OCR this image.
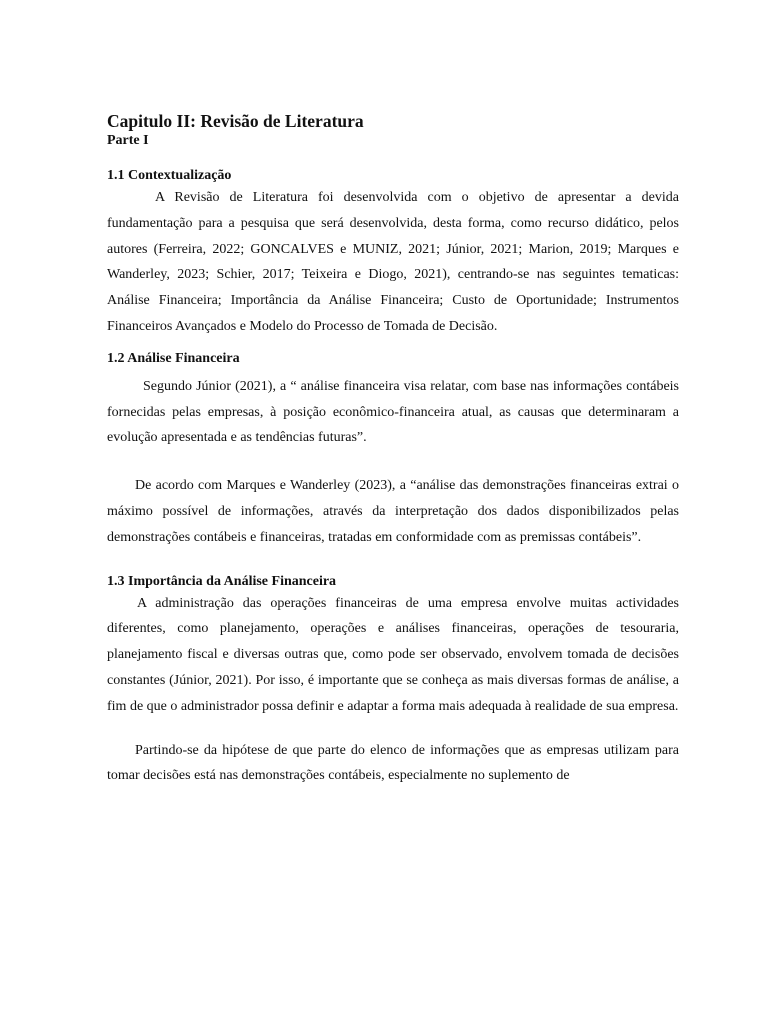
Capitulo II: Revisão de Literatura
Parte I
1.1 Contextualização

A Revisão de Literatura foi desenvolvida com o objetivo de apresentar a devida fundamentação para a pesquisa que será desenvolvida, desta forma, como recurso didático, pelos autores (Ferreira, 2022; GONCALVES e MUNIZ, 2021; Júnior, 2021; Marion, 2019; Marques e Wanderley, 2023; Schier, 2017; Teixeira e Diogo, 2021), centrando-se nas seguintes tematicas: Análise Financeira; Importância da Análise Financeira; Custo de Oportunidade; Instrumentos Financeiros Avançados e Modelo do Processo de Tomada de Decisão.

1.2 Análise Financeira

Segundo Júnior (2021), a “ análise financeira visa relatar, com base nas informações contábeis fornecidas pelas empresas, à posição econômico-financeira atual, as causas que determinaram a evolução apresentada e as tendências futuras”.

De acordo com Marques e Wanderley (2023), a “análise das demonstrações financeiras extrai o máximo possível de informações, através da interpretação dos dados disponibilizados pelas demonstrações contábeis e financeiras, tratadas em conformidade com as premissas contábeis”.

1.3 Importância da Análise Financeira

A administração das operações financeiras de uma empresa envolve muitas actividades diferentes, como planejamento, operações e análises financeiras, operações de tesouraria, planejamento fiscal e diversas outras que, como pode ser observado, envolvem tomada de decisões constantes (Júnior, 2021). Por isso, é importante que se conheça as mais diversas formas de análise, a fim de que o administrador possa definir e adaptar a forma mais adequada à realidade de sua empresa.

Partindo-se da hipótese de que parte do elenco de informações que as empresas utilizam para tomar decisões está nas demonstrações contábeis, especialmente no suplemento de
